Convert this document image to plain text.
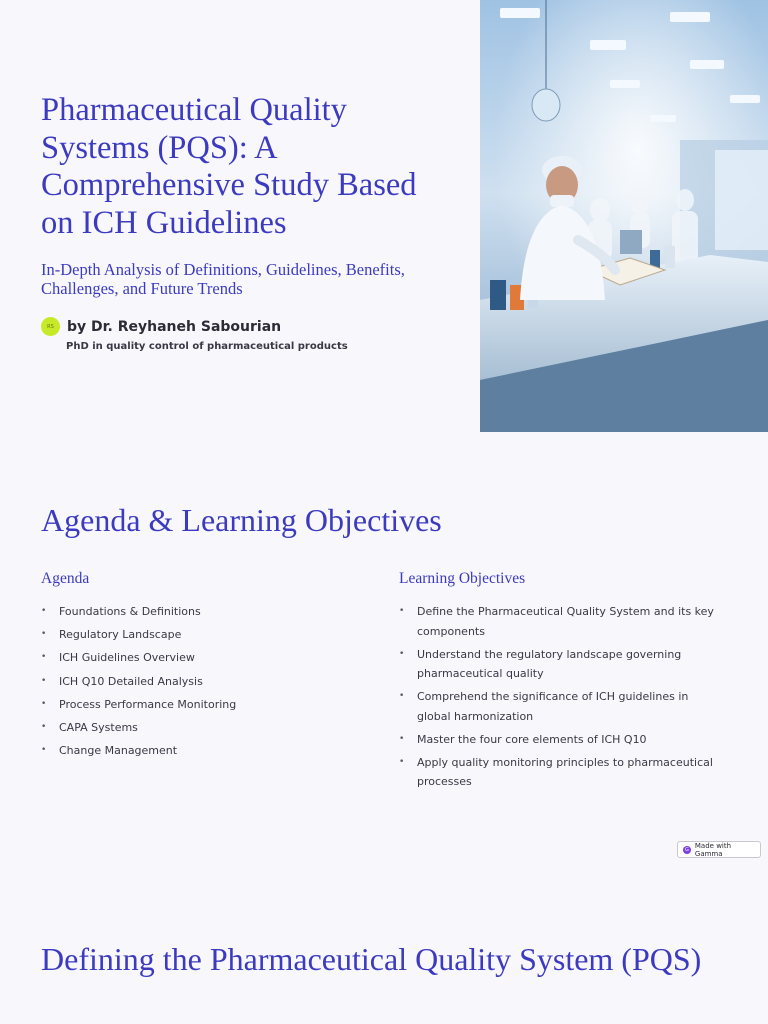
Pharmaceutical Quality Systems (PQS): A Comprehensive Study Based on ICH Guidelines

In-Depth Analysis of Definitions, Guidelines, Benefits, Challenges, and Future Trends

RS by Dr. Reyhaneh Sabourian
PhD in quality control of pharmaceutical products
Agenda & Learning Objectives
Agenda
• Foundations & Definitions
• Regulatory Landscape
• ICH Guidelines Overview
• ICH Q10 Detailed Analysis
• Process Performance Monitoring
• CAPA Systems
• Change Management
Learning Objectives
• Define the Pharmaceutical Quality System and its key components
• Understand the regulatory landscape governing pharmaceutical quality
• Comprehend the significance of ICH guidelines in global harmonization
• Master the four core elements of ICH Q10
• Apply quality monitoring principles to pharmaceutical processes
G Made with Gamma
Defining the Pharmaceutical Quality System (PQS)
